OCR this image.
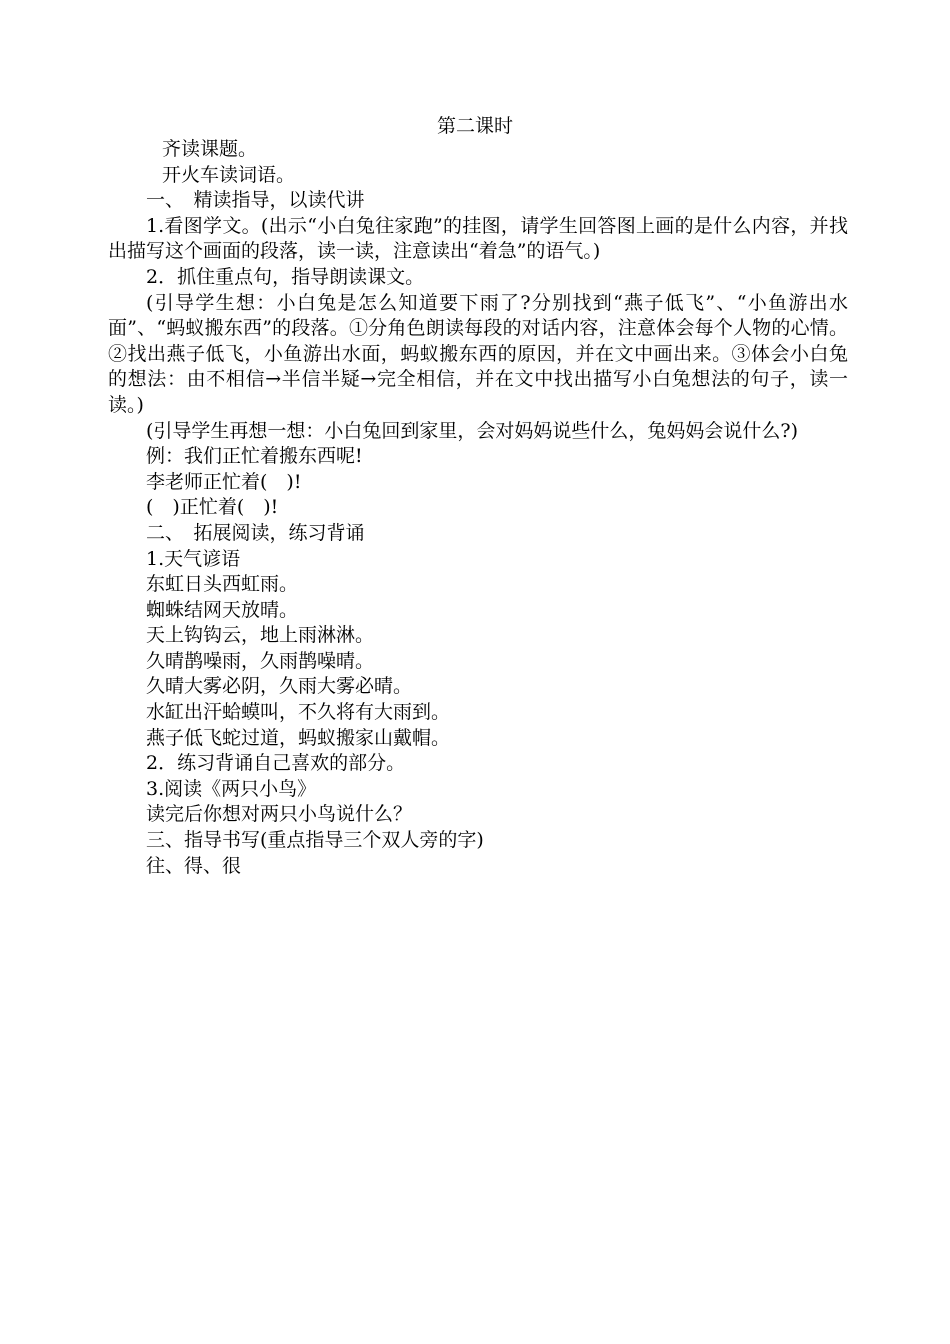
第二课时

齐读课题。

开火车读词语。

一、　精读指导，以读代讲

1.看图学文。(出示“小白兔往家跑”的挂图，请学生回答图上画的是什么内容，并找出描写这个画面的段落，读一读，注意读出“着急”的语气。)

2．抓住重点句，指导朗读课文。

(引导学生想：小白兔是怎么知道要下雨了?分别找到“燕子低飞”、“小鱼游出水面”、“蚂蚁搬东西”的段落。①分角色朗读每段的对话内容，注意体会每个人物的心情。②找出燕子低飞，小鱼游出水面，蚂蚁搬东西的原因，并在文中画出来。③体会小白兔的想法：由不相信→半信半疑→完全相信，并在文中找出描写小白兔想法的句子，读一读。)

(引导学生再想一想：小白兔回到家里，会对妈妈说些什么，兔妈妈会说什么?)

例：我们正忙着搬东西呢!

李老师正忙着(　)!

(　)正忙着(　)!

二、　拓展阅读，练习背诵

1.天气谚语

东虹日头西虹雨。

蜘蛛结网天放晴。

天上钩钩云，地上雨淋淋。

久晴鹊噪雨，久雨鹊噪晴。

久晴大雾必阴，久雨大雾必晴。

水缸出汗蛤蟆叫，不久将有大雨到。

燕子低飞蛇过道，蚂蚁搬家山戴帽。

2．练习背诵自己喜欢的部分。

3.阅读《两只小鸟》

读完后你想对两只小鸟说什么？

三、指导书写(重点指导三个双人旁的字)

往、得、很
